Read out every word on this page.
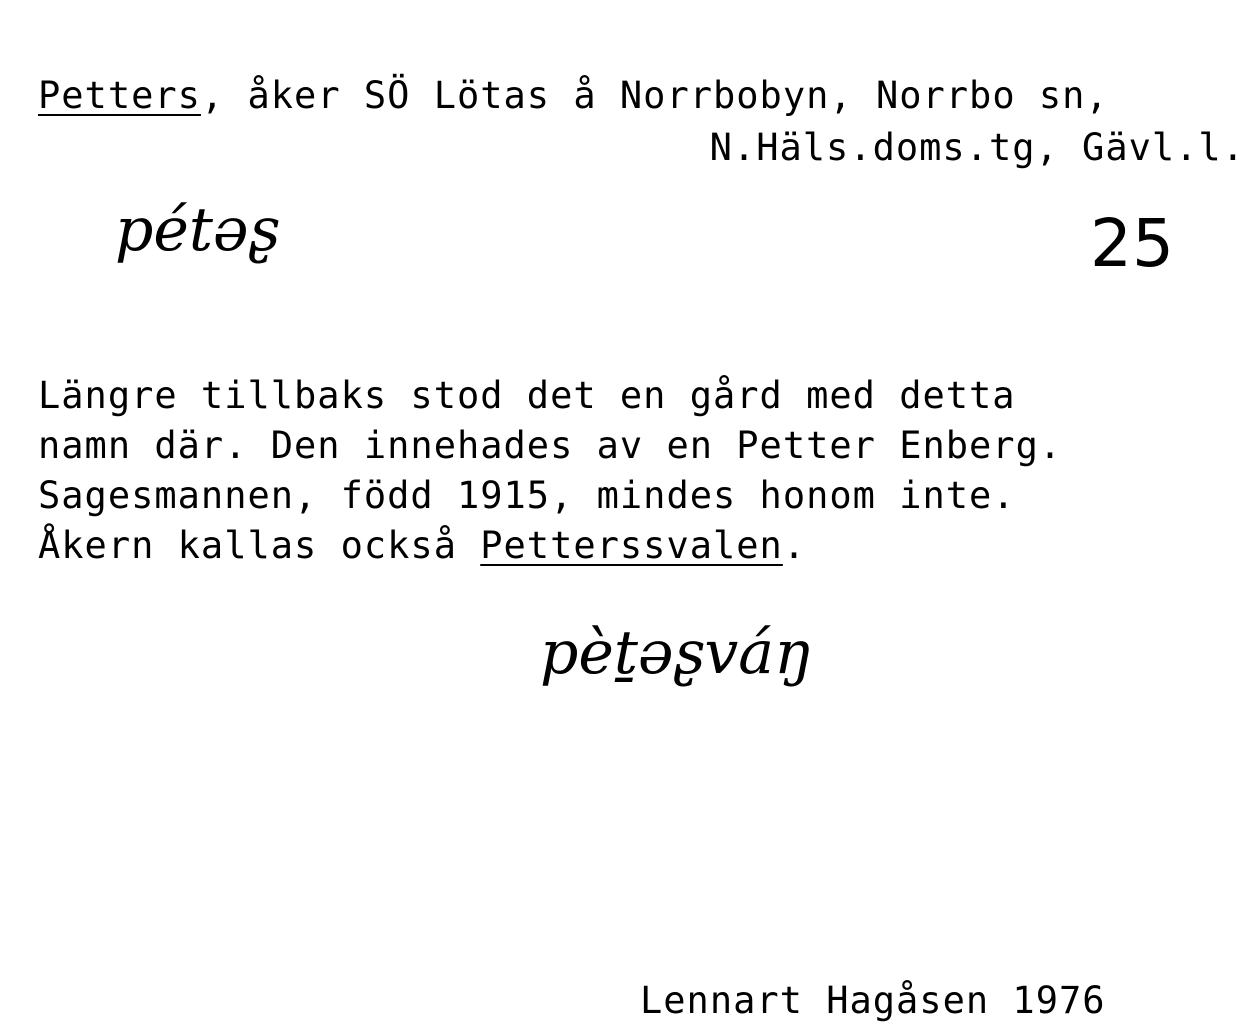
Petters, åker SÖ Lötas å Norrbobyn, Norrbo sn,
N.Häls.doms.tg, Gävl.l.
pétəʂ	25
Längre tillbaks stod det en gård med detta
namn där. Den innehades av en Petter Enberg.
Sagesmannen, född 1915, mindes honom inte.
Åkern kallas också Petterssvalen.
pèṯəʂváŋ
Lennart Hagåsen 1976
